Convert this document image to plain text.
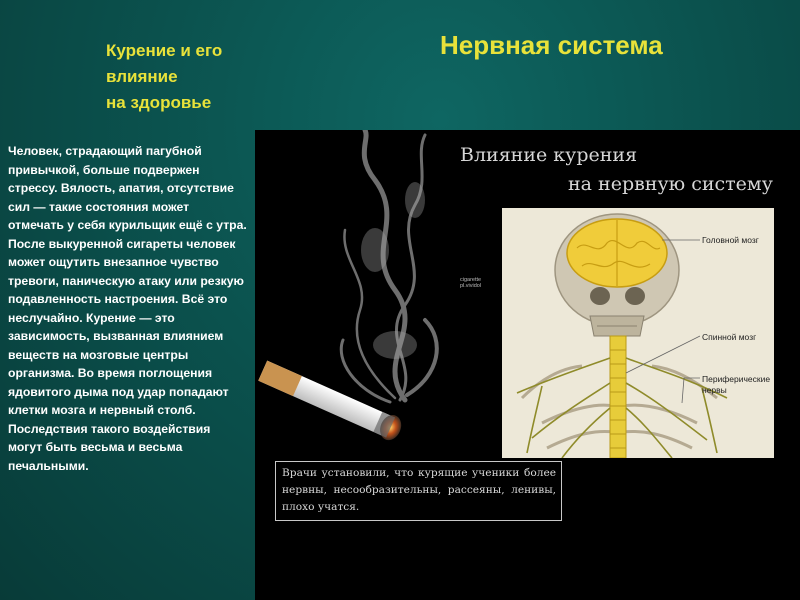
Курение и его
влияние
на здоровье
Нервная система
Человек, страдающий пагубной привычкой, больше подвержен стрессу. Вялость, апатия, отсутствие сил — такие состояния может отмечать у себя курильщик ещё с утра. После выкуренной сигареты человек может ощутить внезапное чувство тревоги, паническую атаку или резкую подавленность настроения. Всё это неслучайно. Курение — это зависимость, вызванная влиянием веществ на мозговые центры организма. Во время поглощения ядовитого дыма под удар попадают клетки мозга и нервный столб. Последствия такого воздействия могут быть весьма и весьма печальными.
Влияние курения
на нервную систему
cigarette
pl.vividol
Головной мозг
Спинной мозг
Периферические
нервы
Врачи установили, что курящие ученики более нервны, несообразительны, рассеяны, ленивы, плохо учатся.
